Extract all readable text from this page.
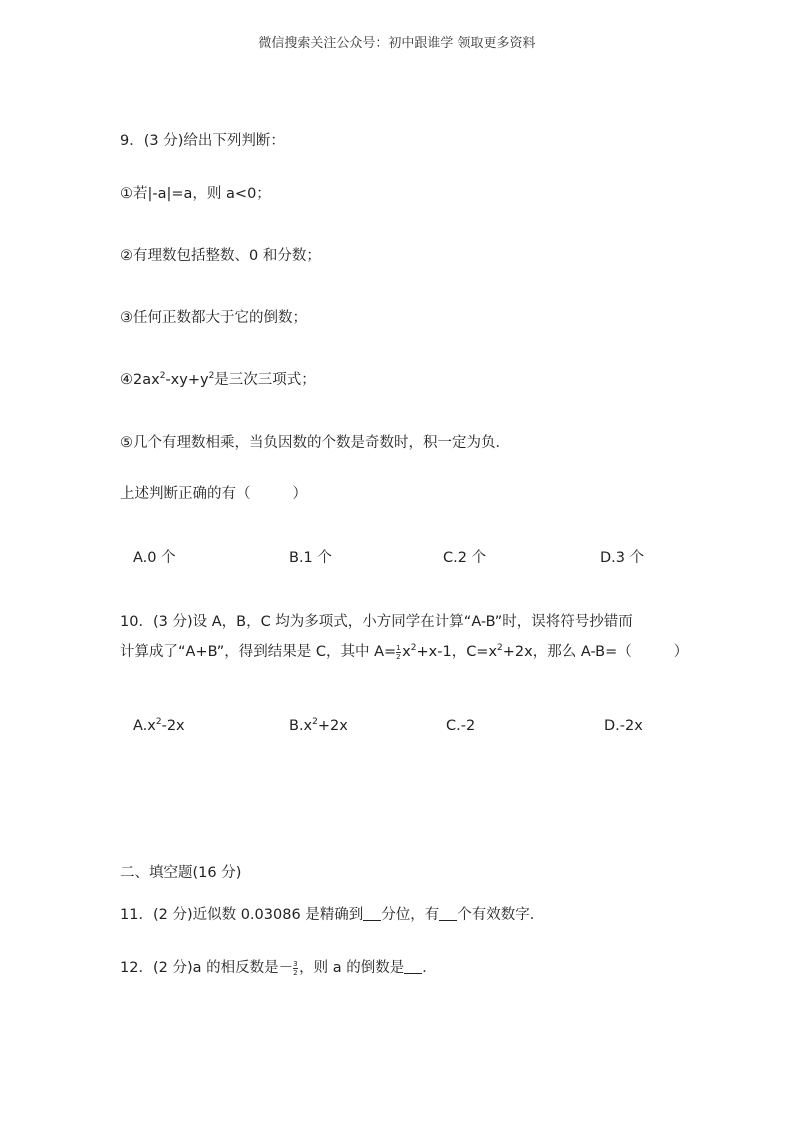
微信搜索关注公众号：初中跟谁学 领取更多资料
9．(3 分)给出下列判断：
①若|-a|=a，则 a<0；
②有理数包括整数、0 和分数；
③任何正数都大于它的倒数；
$④2ax^2-xy+y^2$是三次三项式；
⑤几个有理数相乘，当负因数的个数是奇数时，积一定为负．
上述判断正确的有（	）
A.0 个	B.1 个	C.2 个	D.3 个
10．(3 分)设 A，B，C 均为多项式，小方同学在计算“A-B”时，误将符号抄错而
计算成了“A+B”，得到结果是 C，其中 $A= \frac{1}{2} x^2+x-1$，$C=x^2+2x$，那么 A-B=（	）
$A.x^2-2x$	$B.x^2+2x$	C.-2	D.-2x
二、填空题(16 分)
11．(2 分)近似数 0.03086 是精确到 分位，有 个有效数字．
12．(2 分)a 的相反数是－ $\frac{3}{2}$ ，则 a 的倒数是 ．
